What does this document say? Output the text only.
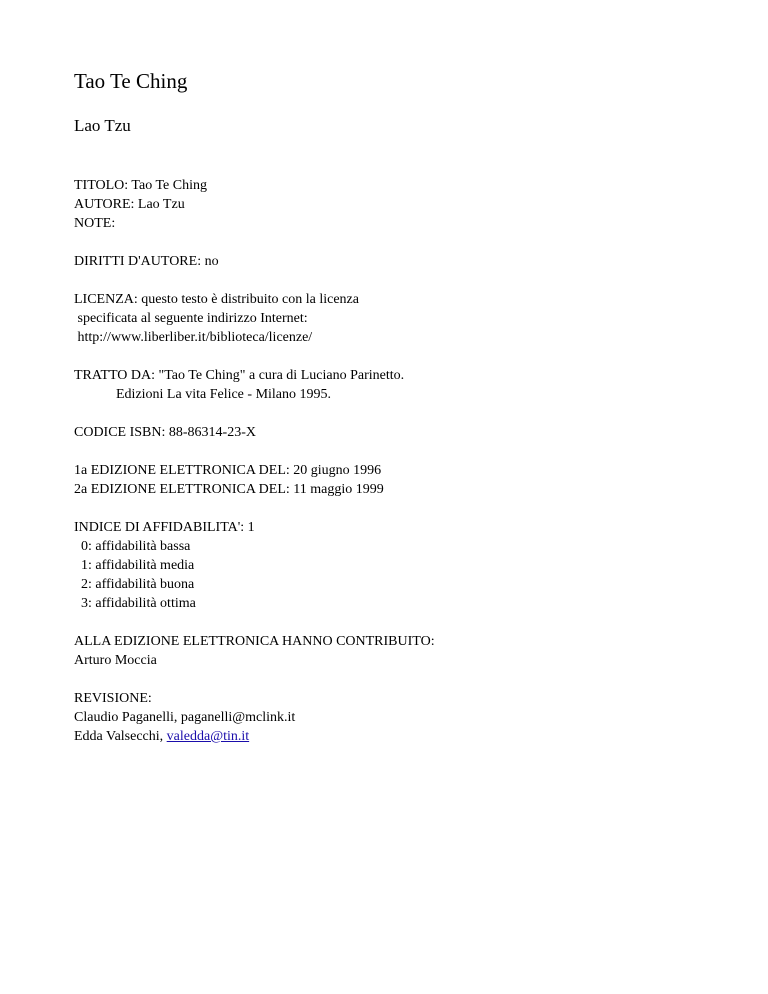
Tao Te Ching
Lao Tzu
TITOLO: Tao Te Ching
AUTORE: Lao Tzu
NOTE:
DIRITTI D'AUTORE: no
LICENZA: questo testo è distribuito con la licenza
specificata al seguente indirizzo Internet:
http://www.liberliber.it/biblioteca/licenze/
TRATTO DA: "Tao Te Ching" a cura di Luciano Parinetto.
Edizioni La vita Felice - Milano 1995.
CODICE ISBN: 88-86314-23-X
1a EDIZIONE ELETTRONICA DEL: 20 giugno 1996
2a EDIZIONE ELETTRONICA DEL: 11 maggio 1999
INDICE DI AFFIDABILITA': 1
0: affidabilità bassa
1: affidabilità media
2: affidabilità buona
3: affidabilità ottima
ALLA EDIZIONE ELETTRONICA HANNO CONTRIBUITO:
Arturo Moccia
REVISIONE:
Claudio Paganelli, paganelli@mclink.it
Edda Valsecchi, valedda@tin.it
